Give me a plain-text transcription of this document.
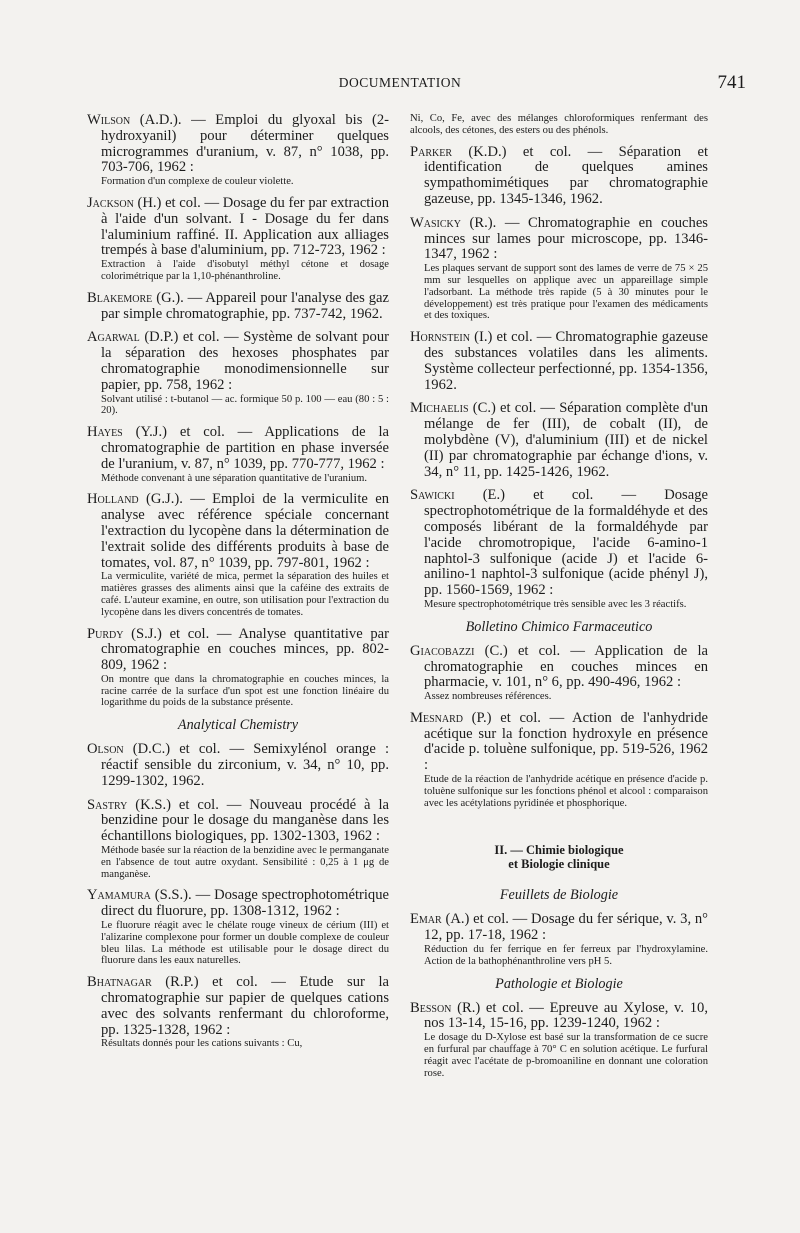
DOCUMENTATION	741
Wilson (A.D.). — Emploi du glyoxal bis (2-hydroxyanil) pour déterminer quelques microgrammes d'uranium, v. 87, n° 1038, pp. 703-706, 1962 :
Formation d'un complexe de couleur violette.
Jackson (H.) et col. — Dosage du fer par extraction à l'aide d'un solvant. I - Dosage du fer dans l'aluminium raffiné. II. Application aux alliages trempés à base d'aluminium, pp. 712-723, 1962 :
Extraction à l'aide d'isobutyl méthyl cétone et dosage colorimétrique par la 1,10-phénanthroline.
Blakemore (G.). — Appareil pour l'analyse des gaz par simple chromatographie, pp. 737-742, 1962.
Agarwal (D.P.) et col. — Système de solvant pour la séparation des hexoses phosphates par chromatographie monodimensionnelle sur papier, pp. 758, 1962 :
Solvant utilisé : t-butanol — ac. formique 50 p. 100 — eau (80 : 5 : 20).
Hayes (Y.J.) et col. — Applications de la chromatographie de partition en phase inversée de l'uranium, v. 87, n° 1039, pp. 770-777, 1962 :
Méthode convenant à une séparation quantitative de l'uranium.
Holland (G.J.). — Emploi de la vermiculite en analyse avec référence spéciale concernant l'extraction du lycopène dans la détermination de l'extrait solide des différents produits à base de tomates, vol. 87, n° 1039, pp. 797-801, 1962 :
La vermiculite, variété de mica, permet la séparation des huiles et matières grasses des aliments ainsi que la caféine des extraits de café. L'auteur examine, en outre, son utilisation pour l'extraction du lycopène dans les divers concentrés de tomates.
Purdy (S.J.) et col. — Analyse quantitative par chromatographie en couches minces, pp. 802-809, 1962 :
On montre que dans la chromatographie en couches minces, la racine carrée de la surface d'un spot est une fonction linéaire du logarithme du poids de la substance présente.
Analytical Chemistry
Olson (D.C.) et col. — Semixylénol orange : réactif sensible du zirconium, v. 34, n° 10, pp. 1299-1302, 1962.
Sastry (K.S.) et col. — Nouveau procédé à la benzidine pour le dosage du manganèse dans les échantillons biologiques, pp. 1302-1303, 1962 :
Méthode basée sur la réaction de la benzidine avec le permanganate en l'absence de tout autre oxydant. Sensibilité : 0,25 à 1 μg de manganèse.
Yamamura (S.S.). — Dosage spectrophotométrique direct du fluorure, pp. 1308-1312, 1962 :
Le fluorure réagit avec le chélate rouge vineux de cérium (III) et l'alizarine complexone pour former un double complexe de couleur bleu lilas. La méthode est utilisable pour le dosage direct du fluorure dans les eaux naturelles.
Bhatnagar (R.P.) et col. — Etude sur la chromatographie sur papier de quelques cations avec des solvants renfermant du chloroforme, pp. 1325-1328, 1962 :
Résultats donnés pour les cations suivants : Cu,
Ni, Co, Fe, avec des mélanges chloroformiques renfermant des alcools, des cétones, des esters ou des phénols.
Parker (K.D.) et col. — Séparation et identification de quelques amines sympathomimétiques par chromatographie gazeuse, pp. 1345-1346, 1962.
Wasicky (R.). — Chromatographie en couches minces sur lames pour microscope, pp. 1346-1347, 1962 :
Les plaques servant de support sont des lames de verre de 75 × 25 mm sur lesquelles on applique avec un appareillage simple l'adsorbant. La méthode très rapide (5 à 30 minutes pour le développement) est très pratique pour l'examen des médicaments et des toxiques.
Hornstein (I.) et col. — Chromatographie gazeuse des substances volatiles dans les aliments. Système collecteur perfectionné, pp. 1354-1356, 1962.
Michaelis (C.) et col. — Séparation complète d'un mélange de fer (III), de cobalt (II), de molybdène (V), d'aluminium (III) et de nickel (II) par chromatographie par échange d'ions, v. 34, n° 11, pp. 1425-1426, 1962.
Sawicki (E.) et col. — Dosage spectrophotométrique de la formaldéhyde et des composés libérant de la formaldéhyde par l'acide chromotropique, l'acide 6-amino-1 naphtol-3 sulfonique (acide J) et l'acide 6-anilino-1 naphtol-3 sulfonique (acide phényl J), pp. 1560-1569, 1962 :
Mesure spectrophotométrique très sensible avec les 3 réactifs.
Bolletino Chimico Farmaceutico
Giacobazzi (C.) et col. — Application de la chromatographie en couches minces en pharmacie, v. 101, n° 6, pp. 490-496, 1962 :
Assez nombreuses références.
Mesnard (P.) et col. — Action de l'anhydride acétique sur la fonction hydroxyle en présence d'acide p. toluène sulfonique, pp. 519-526, 1962 :
Etude de la réaction de l'anhydride acétique en présence d'acide p. toluène sulfonique sur les fonctions phénol et alcool : comparaison avec les acétylations pyridinée et phosphorique.
II. — Chimie biologique
et Biologie clinique
Feuillets de Biologie
Emar (A.) et col. — Dosage du fer sérique, v. 3, n° 12, pp. 17-18, 1962 :
Réduction du fer ferrique en fer ferreux par l'hydroxylamine. Action de la bathophénanthroline vers pH 5.
Pathologie et Biologie
Besson (R.) et col. — Epreuve au Xylose, v. 10, nos 13-14, 15-16, pp. 1239-1240, 1962 :
Le dosage du D-Xylose est basé sur la transformation de ce sucre en furfural par chauffage à 70° C en solution acétique. Le furfural réagit avec l'acétate de p-bromoaniline en donnant une coloration rose.
